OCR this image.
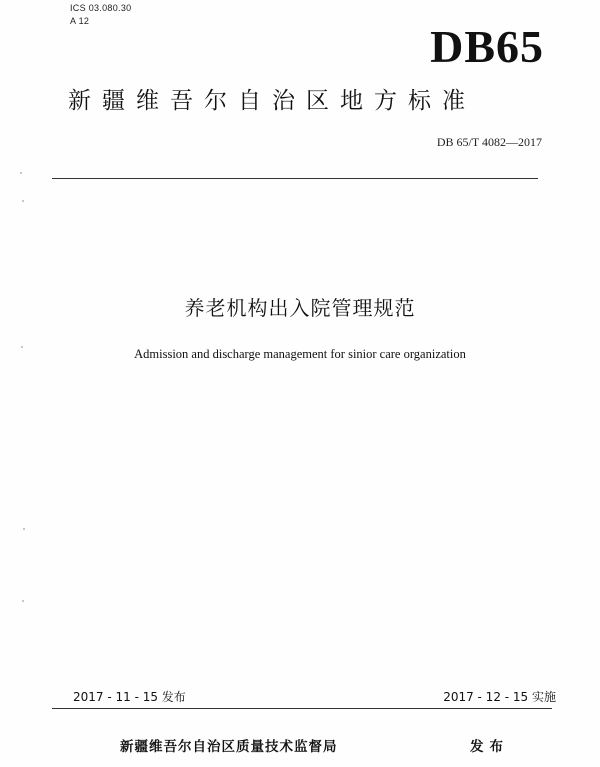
ICS 03.080.30
A 12	DB65
新疆维吾尔自治区地方标准
DB 65/T 4082—2017
养老机构出入院管理规范
Admission and discharge management for sinior care organization
2017 - 11 - 15 发布	2017 - 12 - 15 实施
新疆维吾尔自治区质量技术监督局	发布
